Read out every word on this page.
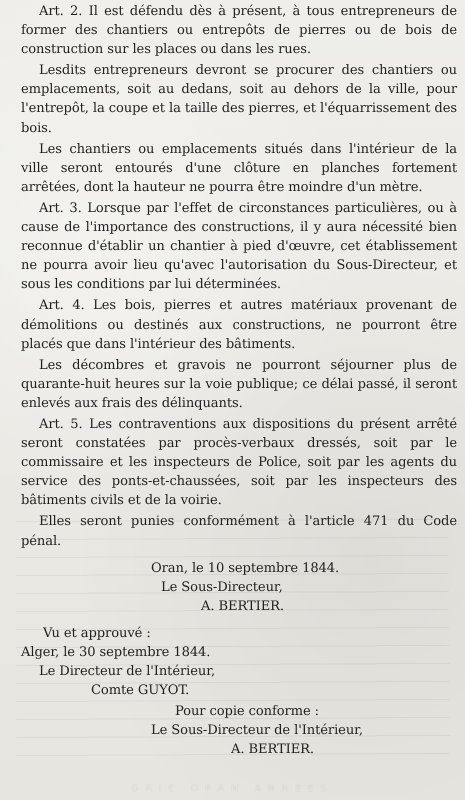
Art. 2. Il est défendu dès à présent, à tous entrepreneurs de former des chantiers ou entrepôts de pierres ou de bois de construction sur les places ou dans les rues.

Lesdits entrepreneurs devront se procurer des chantiers ou emplacements, soit au dedans, soit au dehors de la ville, pour l'entrepôt, la coupe et la taille des pierres, et l'équarrissement des bois.

Les chantiers ou emplacements situés dans l'intérieur de la ville seront entourés d'une clôture en planches fortement arrêtées, dont la hauteur ne pourra être moindre d'un mètre.

Art. 3. Lorsque par l'effet de circonstances particulières, ou à cause de l'importance des constructions, il y aura nécessité bien reconnue d'établir un chantier à pied d'œuvre, cet établissement ne pourra avoir lieu qu'avec l'autorisation du Sous-Directeur, et sous les conditions par lui déterminées.

Art. 4. Les bois, pierres et autres matériaux provenant de démolitions ou destinés aux constructions, ne pourront être placés que dans l'intérieur des bâtiments.

Les décombres et gravois ne pourront séjourner plus de quarante-huit heures sur la voie publique; ce délai passé, il seront enlevés aux frais des délinquants.

Art. 5. Les contraventions aux dispositions du présent arrêté seront constatées par procès-verbaux dressés, soit par le commissaire et les inspecteurs de Police, soit par les agents du service des ponts-et-chaussées, soit par les inspecteurs des bâtiments civils et de la voirie.

Elles seront punies conformément à l'article 471 du Code pénal.

Oran, le 10 septembre 1844.
Le Sous-Directeur,
A. BERTIER.
Vu et approuvé :
Alger, le 30 septembre 1844.
Le Directeur de l'Intérieur,
Comte GUYOT.
Pour copie conforme :
Le Sous-Directeur de l'Intérieur,
A. BERTIER.
GRIE ORAN ANNEES
